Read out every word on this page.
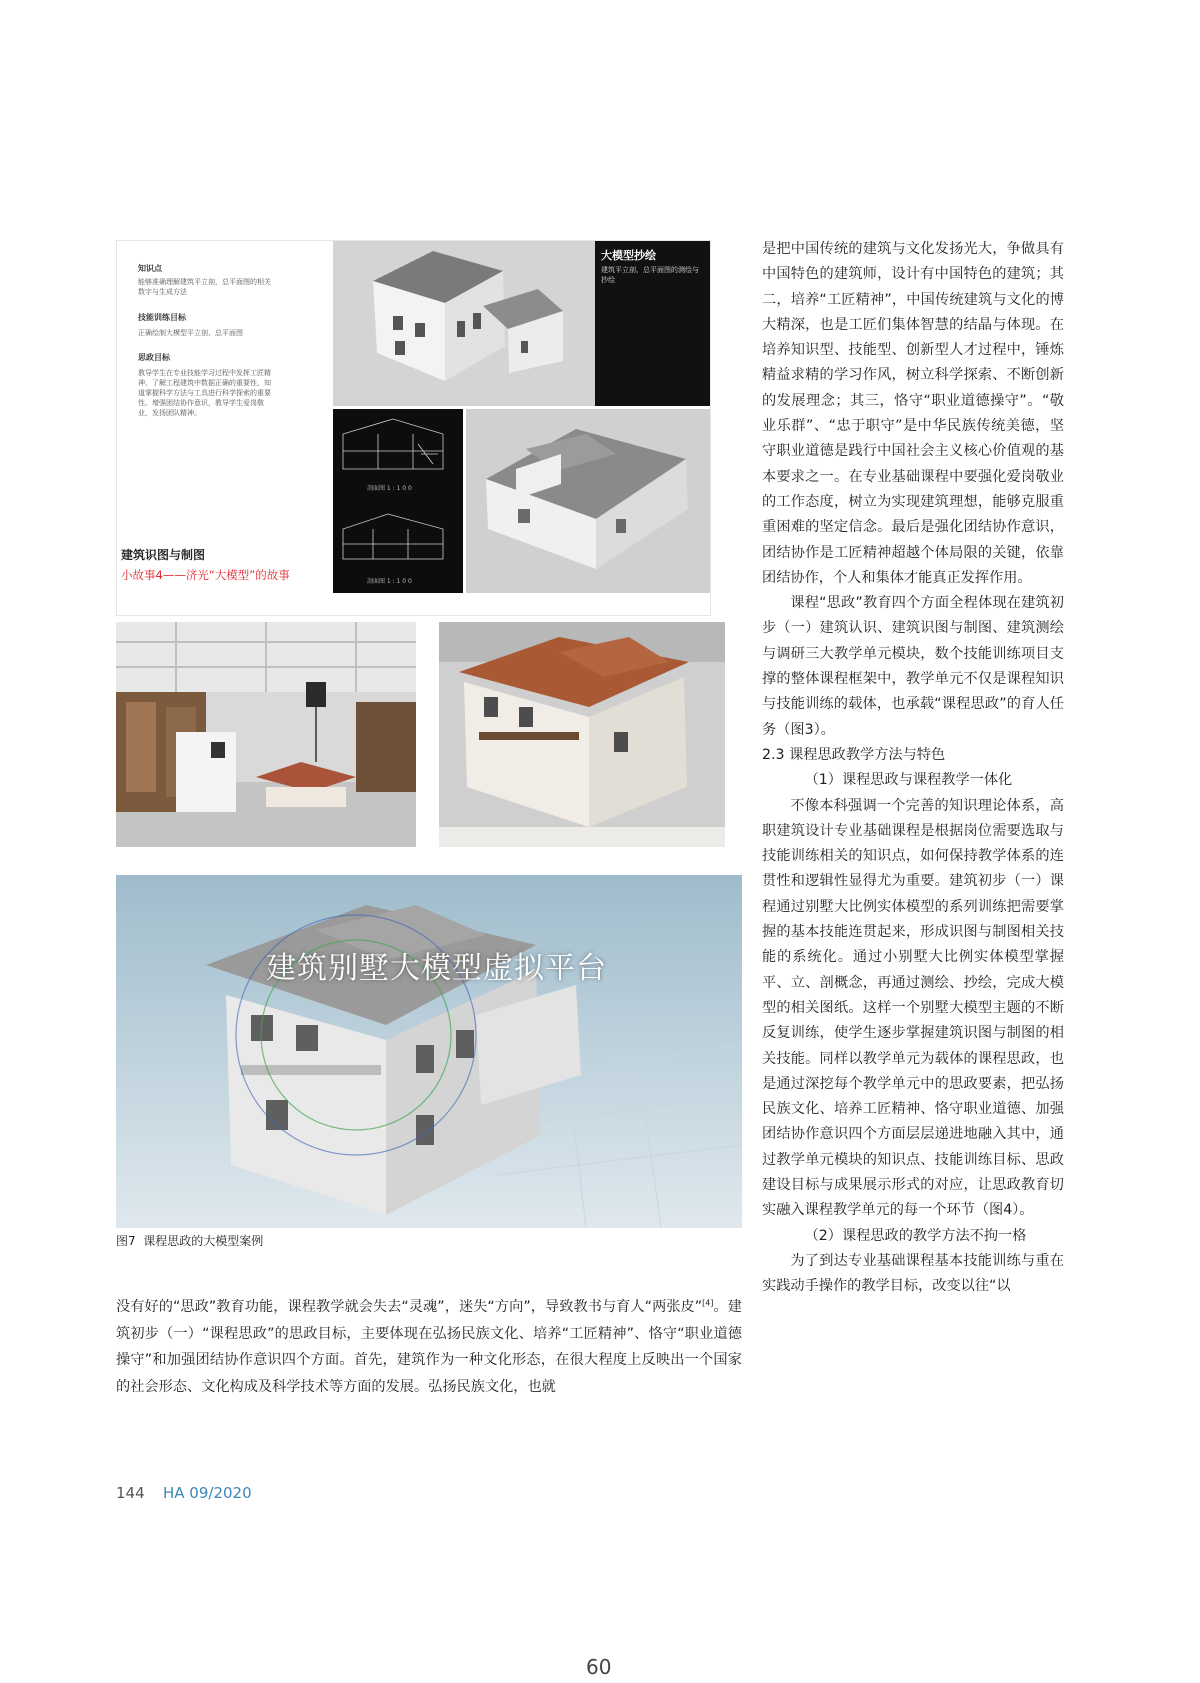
知识点
能够准确理解建筑平立剖，总平面图的相关数字与生成方法
技能训练目标
正确绘制大模型平立剖、总平面图
思政目标
教导学生在专业技能学习过程中发挥工匠精神，了解工程建筑中数据正确的重要性，知道掌握科学方法与工具进行科学探索的重要性。增强团结协作意识，教导学生爱岗敬业，发扬团队精神。
建筑识图与制图
小故事4——济光“大模型”的故事
大模型抄绘
建筑平立剖、总平面图的测绘与抄绘
剖面图 1 : 1 0 0
剖面图 1 : 1 0 0
建筑别墅大模型虚拟平台
图7 课程思政的大模型案例

是把中国传统的建筑与文化发扬光大，争做具有中国特色的建筑师，设计有中国特色的建筑；其二，培养“工匠精神”，中国传统建筑与文化的博大精深，也是工匠们集体智慧的结晶与体现。在培养知识型、技能型、创新型人才过程中，锤炼精益求精的学习作风，树立科学探索、不断创新的发展理念；其三，恪守“职业道德操守”。“敬业乐群”、“忠于职守”是中华民族传统美德，坚守职业道德是践行中国社会主义核心价值观的基本要求之一。在专业基础课程中要强化爱岗敬业的工作态度，树立为实现建筑理想，能够克服重重困难的坚定信念。最后是强化团结协作意识，团结协作是工匠精神超越个体局限的关键，依靠团结协作，个人和集体才能真正发挥作用。

课程“思政”教育四个方面全程体现在建筑初步（一）建筑认识、建筑识图与制图、建筑测绘与调研三大教学单元模块，数个技能训练项目支撑的整体课程框架中，教学单元不仅是课程知识与技能训练的载体，也承载“课程思政”的育人任务（图3）。

2.3 课程思政教学方法与特色

（1）课程思政与课程教学一体化

不像本科强调一个完善的知识理论体系，高职建筑设计专业基础课程是根据岗位需要选取与技能训练相关的知识点，如何保持教学体系的连贯性和逻辑性显得尤为重要。建筑初步（一）课程通过别墅大比例实体模型的系列训练把需要掌握的基本技能连贯起来，形成识图与制图相关技能的系统化。通过小别墅大比例实体模型掌握平、立、剖概念，再通过测绘、抄绘，完成大模型的相关图纸。这样一个别墅大模型主题的不断反复训练，使学生逐步掌握建筑识图与制图的相关技能。同样以教学单元为载体的课程思政，也是通过深挖每个教学单元中的思政要素，把弘扬民族文化、培养工匠精神、恪守职业道德、加强团结协作意识四个方面层层递进地融入其中，通过教学单元模块的知识点、技能训练目标、思政建设目标与成果展示形式的对应，让思政教育切实融入课程教学单元的每一个环节（图4）。

（2）课程思政的教学方法不拘一格

为了到达专业基础课程基本技能训练与重在实践动手操作的教学目标，改变以往“以

没有好的“思政”教育功能，课程教学就会失去“灵魂”，迷失“方向”，导致教书与育人“两张皮”[4]。建筑初步（一）“课程思政”的思政目标，主要体现在弘扬民族文化、培养“工匠精神”、恪守“职业道德操守”和加强团结协作意识四个方面。首先，建筑作为一种文化形态，在很大程度上反映出一个国家的社会形态、文化构成及科学技术等方面的发展。弘扬民族文化，也就

144 HA 09/2020
60
